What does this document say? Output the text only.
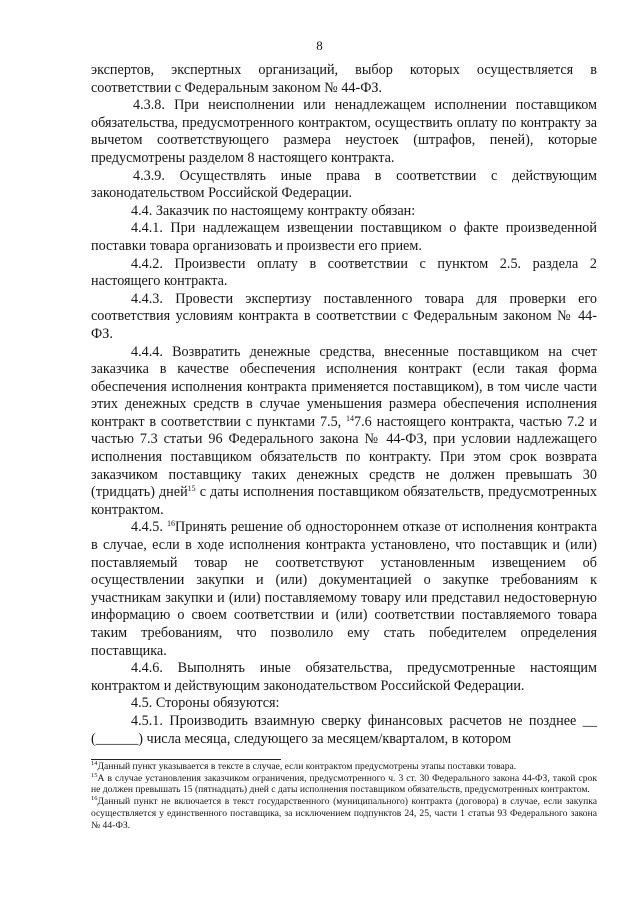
8

экспертов, экспертных организаций, выбор которых осуществляется в соответствии с Федеральным законом № 44-ФЗ.

4.3.8. При неисполнении или ненадлежащем исполнении поставщиком обязательства, предусмотренного контрактом, осуществить оплату по контракту за вычетом соответствующего размера неустоек (штрафов, пеней), которые предусмотрены разделом 8 настоящего контракта.

4.3.9. Осуществлять иные права в соответствии с действующим законодательством Российской Федерации.

4.4. Заказчик по настоящему контракту обязан:

4.4.1. При надлежащем извещении поставщиком о факте произведенной поставки товара организовать и произвести его прием.

4.4.2. Произвести оплату в соответствии с пунктом 2.5. раздела 2 настоящего контракта.

4.4.3. Провести экспертизу поставленного товара для проверки его соответствия условиям контракта в соответствии с Федеральным законом № 44-ФЗ.

4.4.4. Возвратить денежные средства, внесенные поставщиком на счет заказчика в качестве обеспечения исполнения контракт (если такая форма обеспечения исполнения контракта применяется поставщиком), в том числе части этих денежных средств в случае уменьшения размера обеспечения исполнения контракт в соответствии с пунктами 7.5, $^{14}$7.6 настоящего контракта, частью 7.2 и частью 7.3 статьи 96 Федерального закона № 44-ФЗ, при условии надлежащего исполнения поставщиком обязательств по контракту. При этом срок возврата заказчиком поставщику таких денежных средств не должен превышать 30 (тридцать) дней$^{15}$ с даты исполнения поставщиком обязательств, предусмотренных контрактом.

4.4.5. $^{16}$Принять решение об одностороннем отказе от исполнения контракта в случае, если в ходе исполнения контракта установлено, что поставщик и (или) поставляемый товар не соответствуют установленным извещением об осуществлении закупки и (или) документацией о закупке требованиям к участникам закупки и (или) поставляемому товару или представил недостоверную информацию о своем соответствии и (или) соответствии поставляемого товара таким требованиям, что позволило ему стать победителем определения поставщика.

4.4.6. Выполнять иные обязательства, предусмотренные настоящим контрактом и действующим законодательством Российской Федерации.

4.5. Стороны обязуются:

4.5.1. Производить взаимную сверку финансовых расчетов не позднее __ (______) числа месяца, следующего за месяцем/кварталом, в котором

$^{14}$Данный пункт указывается в тексте в случае, если контрактом предусмотрены этапы поставки товара.

$^{15}$А в случае установления заказчиком ограничения, предусмотренного ч. 3 ст. 30 Федерального закона 44-ФЗ, такой срок не должен превышать 15 (пятнадцать) дней с даты исполнения поставщиком обязательств, предусмотренных контрактом.

$^{16}$Данный пункт не включается в текст государственного (муниципального) контракта (договора) в случае, если закупка осуществляется у единственного поставщика, за исключением подпунктов 24, 25, части 1 статьи 93 Федерального закона № 44-ФЗ.
